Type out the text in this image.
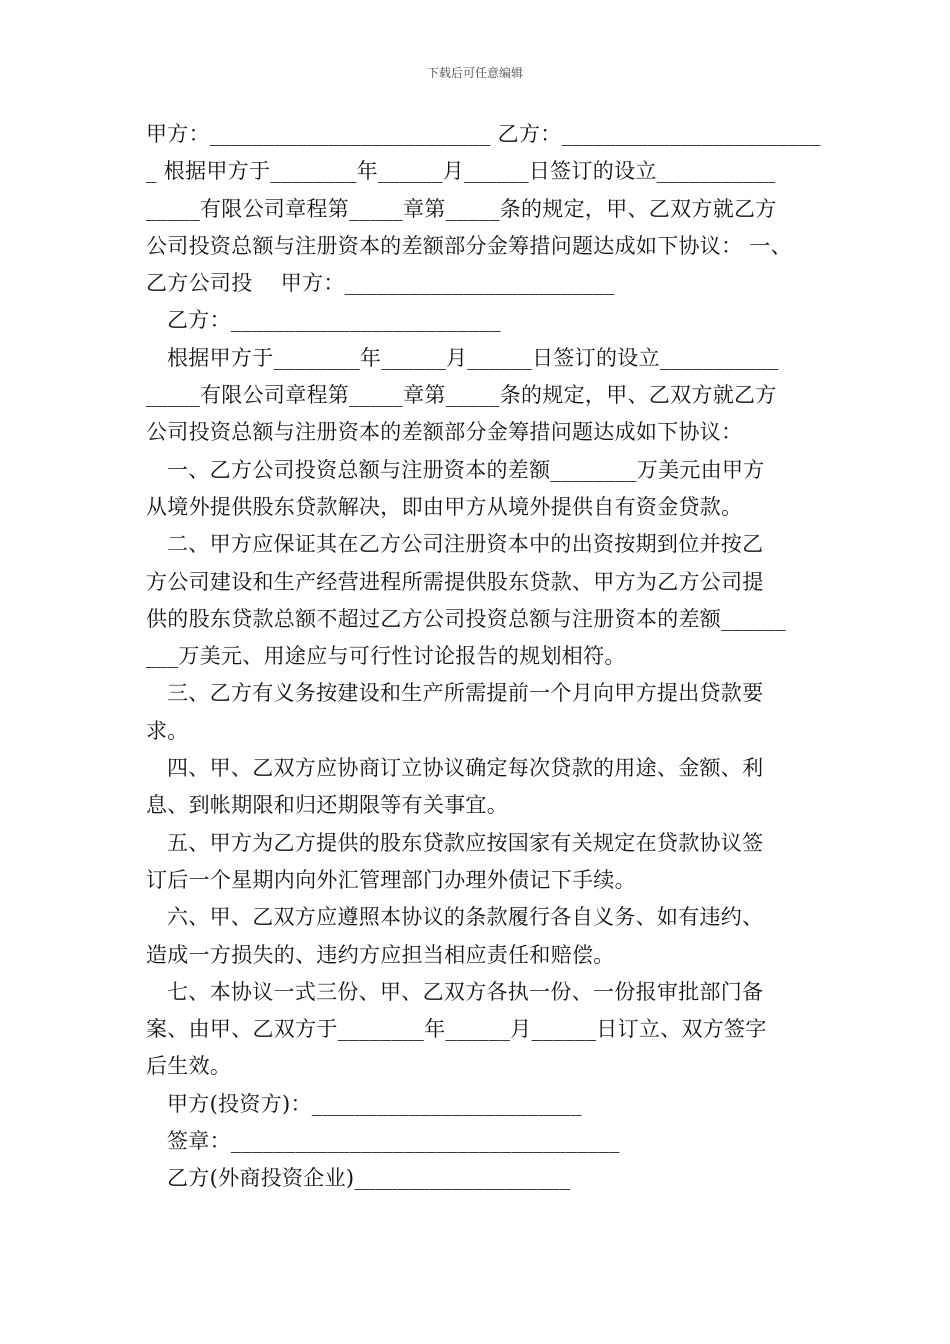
下载后可任意编辑
甲方：__________________________ 乙方：________________________
_ 根据甲方于________年______月______日签订的设立___________
_____有限公司章程第_____章第_____条的规定，甲、乙双方就乙方
公司投资总额与注册资本的差额部分金筹措问题达成如下协议： 一、
乙方公司投　 甲方：_________________________
乙方：_________________________
根据甲方于________年______月______日签订的设立___________
_____有限公司章程第_____章第_____条的规定，甲、乙双方就乙方
公司投资总额与注册资本的差额部分金筹措问题达成如下协议：
一、乙方公司投资总额与注册资本的差额________万美元由甲方
从境外提供股东贷款解决，即由甲方从境外提供自有资金贷款。
二、甲方应保证其在乙方公司注册资本中的出资按期到位并按乙
方公司建设和生产经营进程所需提供股东贷款、甲方为乙方公司提
供的股东贷款总额不超过乙方公司投资总额与注册资本的差额______
___万美元、用途应与可行性讨论报告的规划相符。
三、乙方有义务按建设和生产所需提前一个月向甲方提出贷款要
求。
四、甲、乙双方应协商订立协议确定每次贷款的用途、金额、利
息、到帐期限和归还期限等有关事宜。
五、甲方为乙方提供的股东贷款应按国家有关规定在贷款协议签
订后一个星期内向外汇管理部门办理外债记下手续。
六、甲、乙双方应遵照本协议的条款履行各自义务、如有违约、
造成一方损失的、违约方应担当相应责任和赔偿。
七、本协议一式三份、甲、乙双方各执一份、一份报审批部门备
案、由甲、乙双方于________年______月______日订立、双方签字
后生效。
甲方(投资方)：_________________________
签章：____________________________________
乙方(外商投资企业)____________________
